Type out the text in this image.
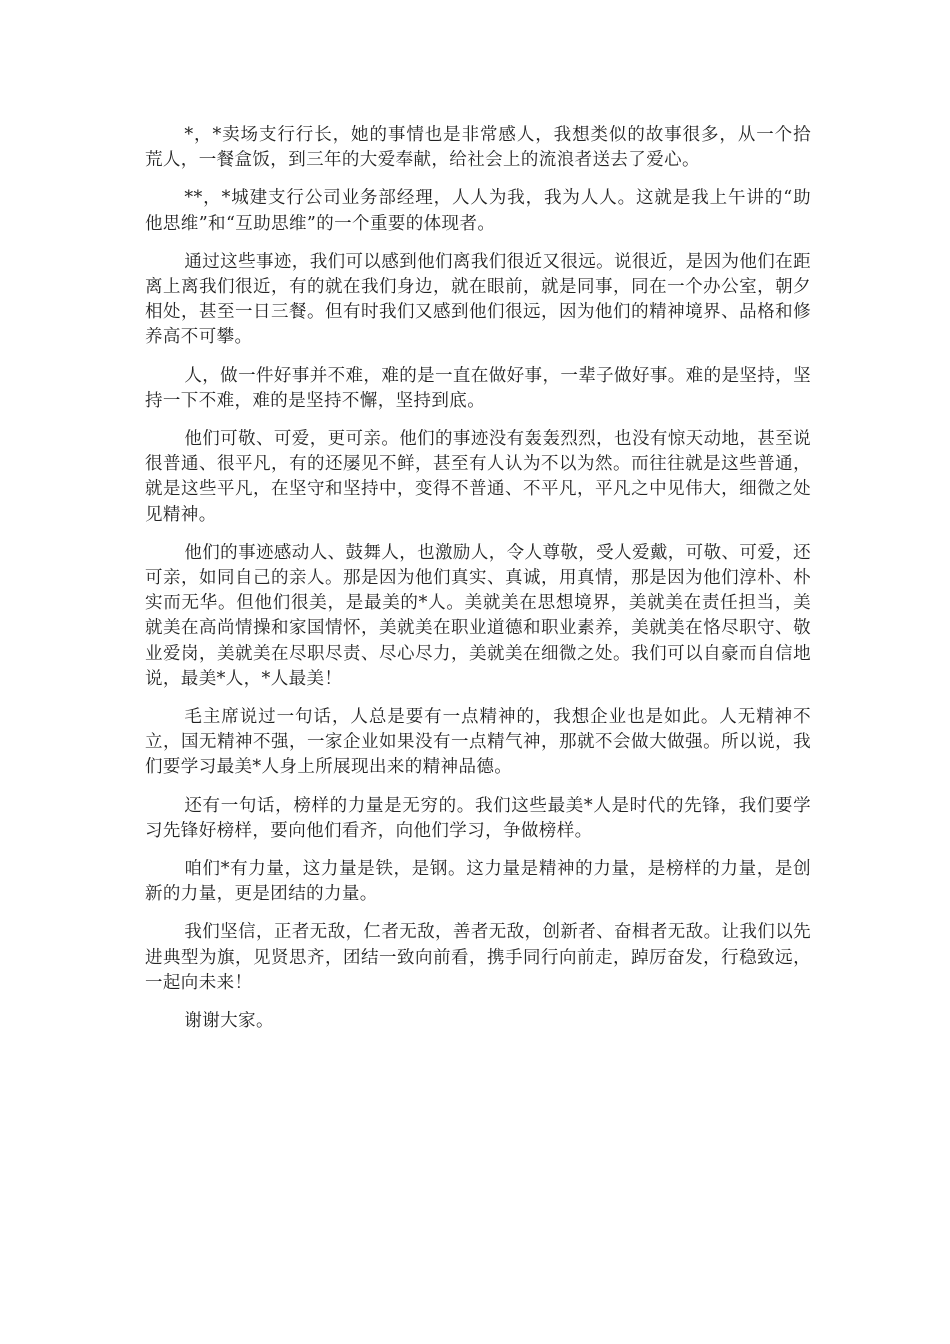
*，*卖场支行行长，她的事情也是非常感人，我想类似的故事很多，从一个拾荒人，一餐盒饭，到三年的大爱奉献，给社会上的流浪者送去了爱心。

**，*城建支行公司业务部经理，人人为我，我为人人。这就是我上午讲的“助他思维”和“互助思维”的一个重要的体现者。

通过这些事迹，我们可以感到他们离我们很近又很远。说很近，是因为他们在距离上离我们很近，有的就在我们身边，就在眼前，就是同事，同在一个办公室，朝夕相处，甚至一日三餐。但有时我们又感到他们很远，因为他们的精神境界、品格和修养高不可攀。

人，做一件好事并不难，难的是一直在做好事，一辈子做好事。难的是坚持，坚持一下不难，难的是坚持不懈，坚持到底。

他们可敬、可爱，更可亲。他们的事迹没有轰轰烈烈，也没有惊天动地，甚至说很普通、很平凡，有的还屡见不鲜，甚至有人认为不以为然。而往往就是这些普通，就是这些平凡，在坚守和坚持中，变得不普通、不平凡，平凡之中见伟大，细微之处见精神。

他们的事迹感动人、鼓舞人，也激励人，令人尊敬，受人爱戴，可敬、可爱，还可亲，如同自己的亲人。那是因为他们真实、真诚，用真情，那是因为他们淳朴、朴实而无华。但他们很美，是最美的*人。美就美在思想境界，美就美在责任担当，美就美在高尚情操和家国情怀，美就美在职业道德和职业素养，美就美在恪尽职守、敬业爱岗，美就美在尽职尽责、尽心尽力，美就美在细微之处。我们可以自豪而自信地说，最美*人，*人最美！

毛主席说过一句话，人总是要有一点精神的，我想企业也是如此。人无精神不立，国无精神不强，一家企业如果没有一点精气神，那就不会做大做强。所以说，我们要学习最美*人身上所展现出来的精神品德。

还有一句话，榜样的力量是无穷的。我们这些最美*人是时代的先锋，我们要学习先锋好榜样，要向他们看齐，向他们学习，争做榜样。

咱们*有力量，这力量是铁，是钢。这力量是精神的力量，是榜样的力量，是创新的力量，更是团结的力量。

我们坚信，正者无敌，仁者无敌，善者无敌，创新者、奋楫者无敌。让我们以先进典型为旗，见贤思齐，团结一致向前看，携手同行向前走，踔厉奋发，行稳致远，一起向未来！

谢谢大家。
